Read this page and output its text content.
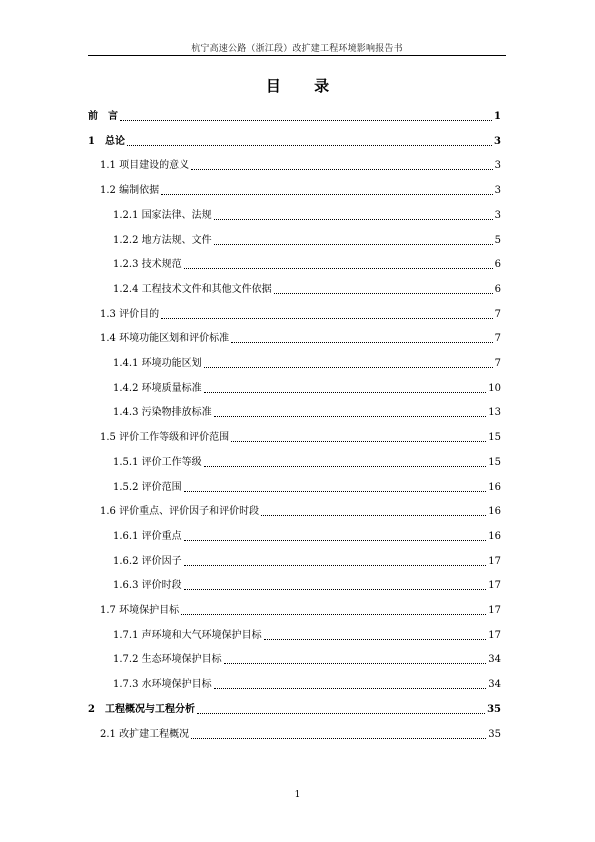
杭宁高速公路（浙江段）改扩建工程环境影响报告书
目 录
前　言	1
1　 总论	3
1.1 项目建设的意义	3
1.2 编制依据	3
1.2.1 国家法律、法规	3
1.2.2 地方法规、文件	5
1.2.3 技术规范	6
1.2.4 工程技术文件和其他文件依据	6
1.3 评价目的	7
1.4 环境功能区划和评价标准	7
1.4.1 环境功能区划	7
1.4.2 环境质量标准	10
1.4.3 污染物排放标准	13
1.5 评价工作等级和评价范围	15
1.5.1 评价工作等级	15
1.5.2 评价范围	16
1.6 评价重点、评价因子和评价时段	16
1.6.1 评价重点	16
1.6.2 评价因子	17
1.6.3 评价时段	17
1.7 环境保护目标	17
1.7.1 声环境和大气环境保护目标	17
1.7.2 生态环境保护目标	34
1.7.3 水环境保护目标	34
2　 工程概况与工程分析	35
2.1 改扩建工程概况	35
1
